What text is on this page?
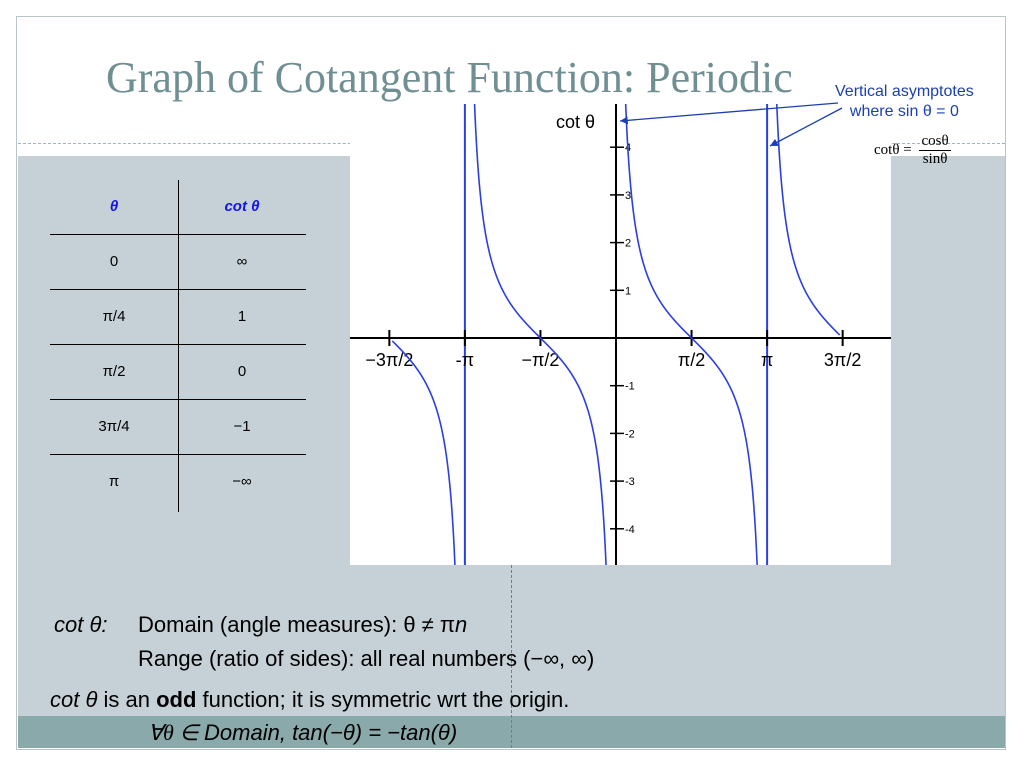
Graph of Cotangent Function: Periodic
θ	cot θ
0	∞
π/4	1
π/2	0
3π/4	−1
π	−∞
−3π/2 -π	−π/2	π/2	π	3π/2
4
3
2
1
-1
-2
-3
-4
cot θ
Vertical asymptotes
where sin θ = 0
$\cot\theta = \frac{\cos\theta}{\sin\theta}$
cot θ: Domain (angle measures): θ ≠ πn
Range (ratio of sides): all real numbers (−∞, ∞)
cot θ is an odd function; it is symmetric wrt the origin.
∀θ ∈ Domain, tan(−θ) = −tan(θ)
